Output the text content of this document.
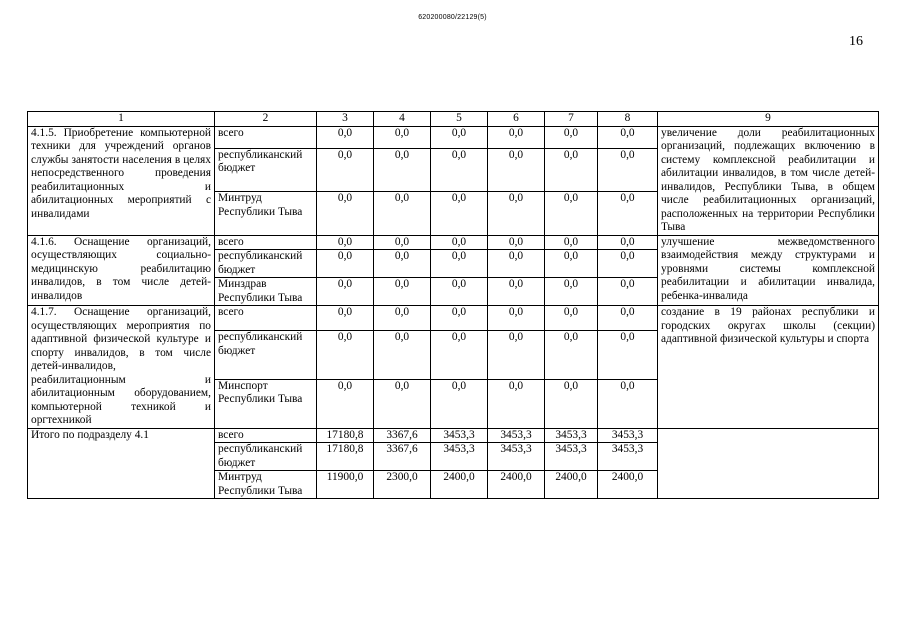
620200080/22129(5)
16
1	2	3	4	5	6	7	8	9
4.1.5. Приобретение компьютерной техники для учреждений органов службы занятости населения в целях непосредственного проведения реабилитационных и абилитационных мероприятий с инвалидами	всего	0,0	0,0	0,0	0,0	0,0	0,0	увеличение доли реабилитационных организаций, подлежащих включению в систему комплексной реабилитации и абилитации инвалидов, в том числе детей-инвалидов, Республики Тыва, в общем числе реабилитационных организаций, расположенных на территории Республики Тыва
	республиканский бюджет	0,0	0,0	0,0	0,0	0,0	0,0	
	Минтруд Республики Тыва	0,0	0,0	0,0	0,0	0,0	0,0	
4.1.6. Оснащение организаций, осуществляющих социально-медицинскую реабилитацию инвалидов, в том числе детей-инвалидов	всего	0,0	0,0	0,0	0,0	0,0	0,0	улучшение межведомственного взаимодействия между структурами и уровнями системы комплексной реабилитации и абилитации инвалида, ребенка-инвалида
	республиканский бюджет	0,0	0,0	0,0	0,0	0,0	0,0	
	Минздрав Республики Тыва	0,0	0,0	0,0	0,0	0,0	0,0	
4.1.7. Оснащение организаций, осуществляющих мероприятия по адаптивной физической культуре и спорту инвалидов, в том числе детей-инвалидов, реабилитационным и абилитационным оборудованием, компьютерной техникой и оргтехникой	всего	0,0	0,0	0,0	0,0	0,0	0,0	создание в 19 районах республики и городских округах школы (секции) адаптивной физической культуры и спорта
	республиканский бюджет	0,0	0,0	0,0	0,0	0,0	0,0	
	Минспорт Республики Тыва	0,0	0,0	0,0	0,0	0,0	0,0	
Итого по подразделу 4.1	всего	17180,8	3367,6	3453,3	3453,3	3453,3	3453,3	
	республиканский бюджет	17180,8	3367,6	3453,3	3453,3	3453,3	3453,3	
	Минтруд Республики Тыва	11900,0	2300,0	2400,0	2400,0	2400,0	2400,0	
